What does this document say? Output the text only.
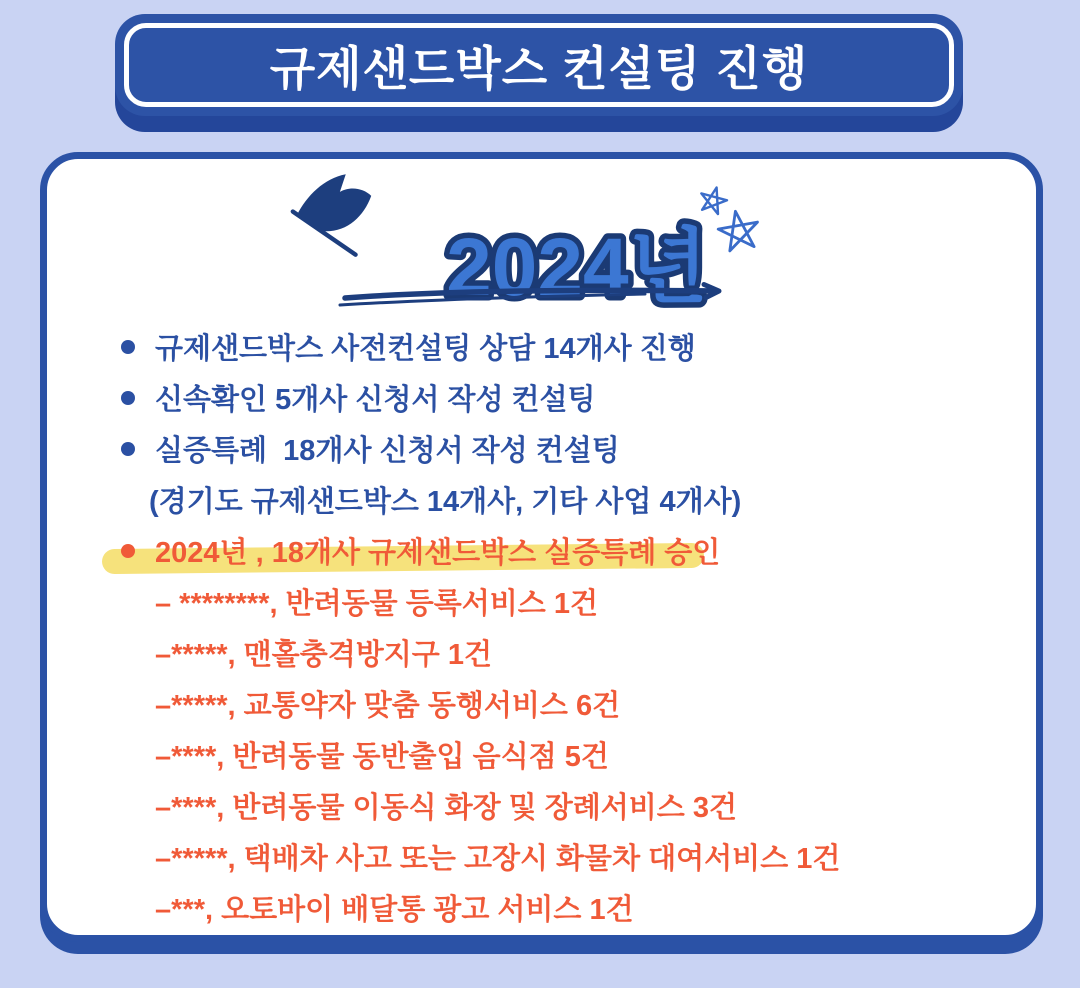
규제샌드박스 컨설팅 진행
2024년
규제샌드박스 사전컨설팅 상담 14개사 진행
신속확인 5개사 신청서 작성 컨설팅
실증특례  18개사 신청서 작성 컨설팅
(경기도 규제샌드박스 14개사, 기타 사업 4개사)
2024년 , 18개사 규제샌드박스 실증특례 승인
– ********, 반려동물 등록서비스 1건
–*****, 맨홀충격방지구 1건
–*****, 교통약자 맞춤 동행서비스 6건
–****, 반려동물 동반출입 음식점 5건
–****, 반려동물 이동식 화장 및 장례서비스 3건
–*****, 택배차 사고 또는 고장시 화물차 대여서비스 1건
–***, 오토바이 배달통 광고 서비스 1건
